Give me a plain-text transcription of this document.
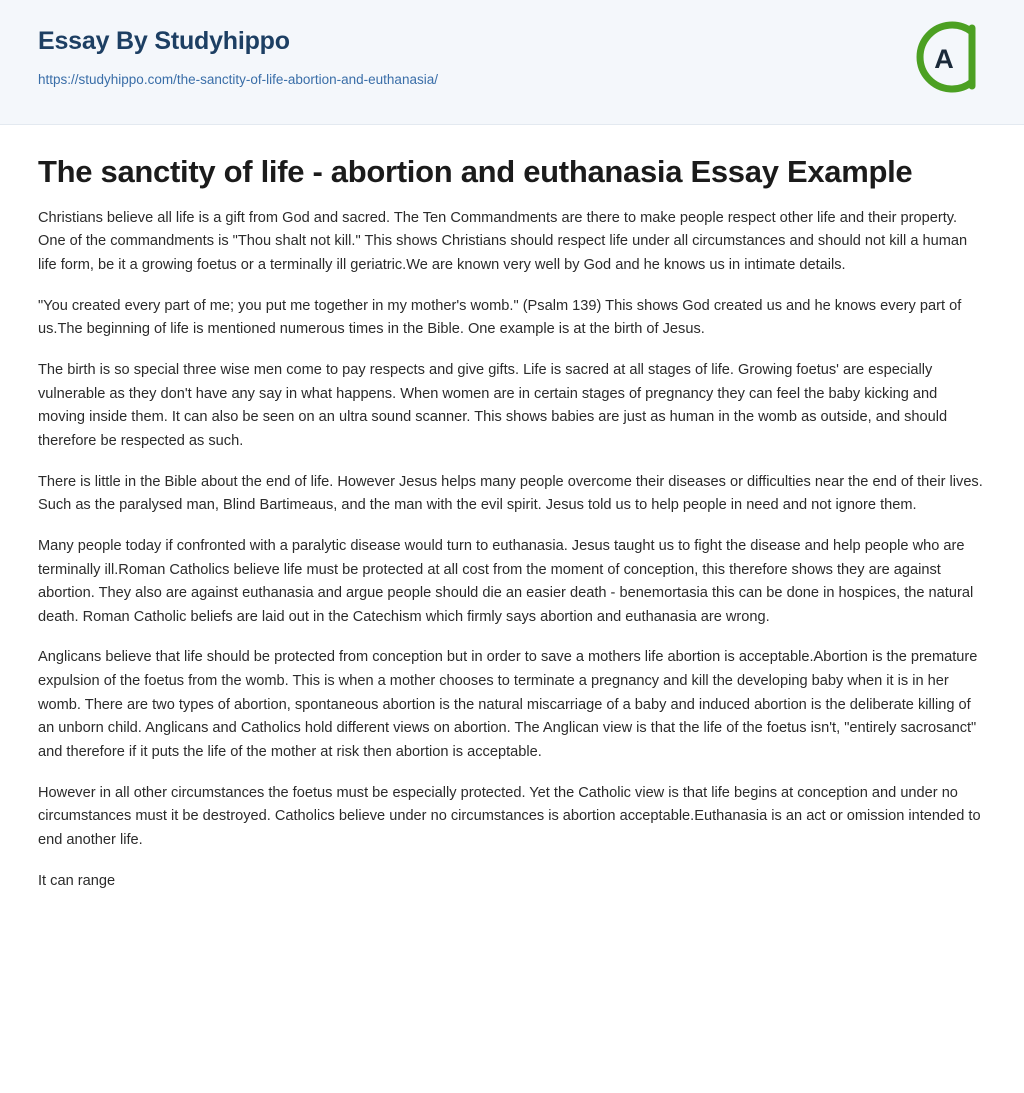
Essay By Studyhippo
https://studyhippo.com/the-sanctity-of-life-abortion-and-euthanasia/
A
The sanctity of life - abortion and euthanasia Essay Example

Christians believe all life is a gift from God and sacred. The Ten Commandments are there to make people respect other life and their property. One of the commandments is "Thou shalt not kill." This shows Christians should respect life under all circumstances and should not kill a human life form, be it a growing foetus or a terminally ill geriatric.We are known very well by God and he knows us in intimate details.

"You created every part of me; you put me together in my mother's womb." (Psalm 139) This shows God created us and he knows every part of us.The beginning of life is mentioned numerous times in the Bible. One example is at the birth of Jesus.

The birth is so special three wise men come to pay respects and give gifts. Life is sacred at all stages of life. Growing foetus' are especially vulnerable as they don't have any say in what happens. When women are in certain stages of pregnancy they can feel the baby kicking and moving inside them. It can also be seen on an ultra sound scanner. This shows babies are just as human in the womb as outside, and should therefore be respected as such.

There is little in the Bible about the end of life. However Jesus helps many people overcome their diseases or difficulties near the end of their lives. Such as the paralysed man, Blind Bartimeaus, and the man with the evil spirit. Jesus told us to help people in need and not ignore them.

Many people today if confronted with a paralytic disease would turn to euthanasia. Jesus taught us to fight the disease and help people who are terminally ill.Roman Catholics believe life must be protected at all cost from the moment of conception, this therefore shows they are against abortion. They also are against euthanasia and argue people should die an easier death - benemortasia this can be done in hospices, the natural death. Roman Catholic beliefs are laid out in the Catechism which firmly says abortion and euthanasia are wrong.

Anglicans believe that life should be protected from conception but in order to save a mothers life abortion is acceptable.Abortion is the premature expulsion of the foetus from the womb. This is when a mother chooses to terminate a pregnancy and kill the developing baby when it is in her womb. There are two types of abortion, spontaneous abortion is the natural miscarriage of a baby and induced abortion is the deliberate killing of an unborn child. Anglicans and Catholics hold different views on abortion. The Anglican view is that the life of the foetus isn't, "entirely sacrosanct" and therefore if it puts the life of the mother at risk then abortion is acceptable.

However in all other circumstances the foetus must be especially protected. Yet the Catholic view is that life begins at conception and under no circumstances must it be destroyed. Catholics believe under no circumstances is abortion acceptable.Euthanasia is an act or omission intended to end another life.

It can range
